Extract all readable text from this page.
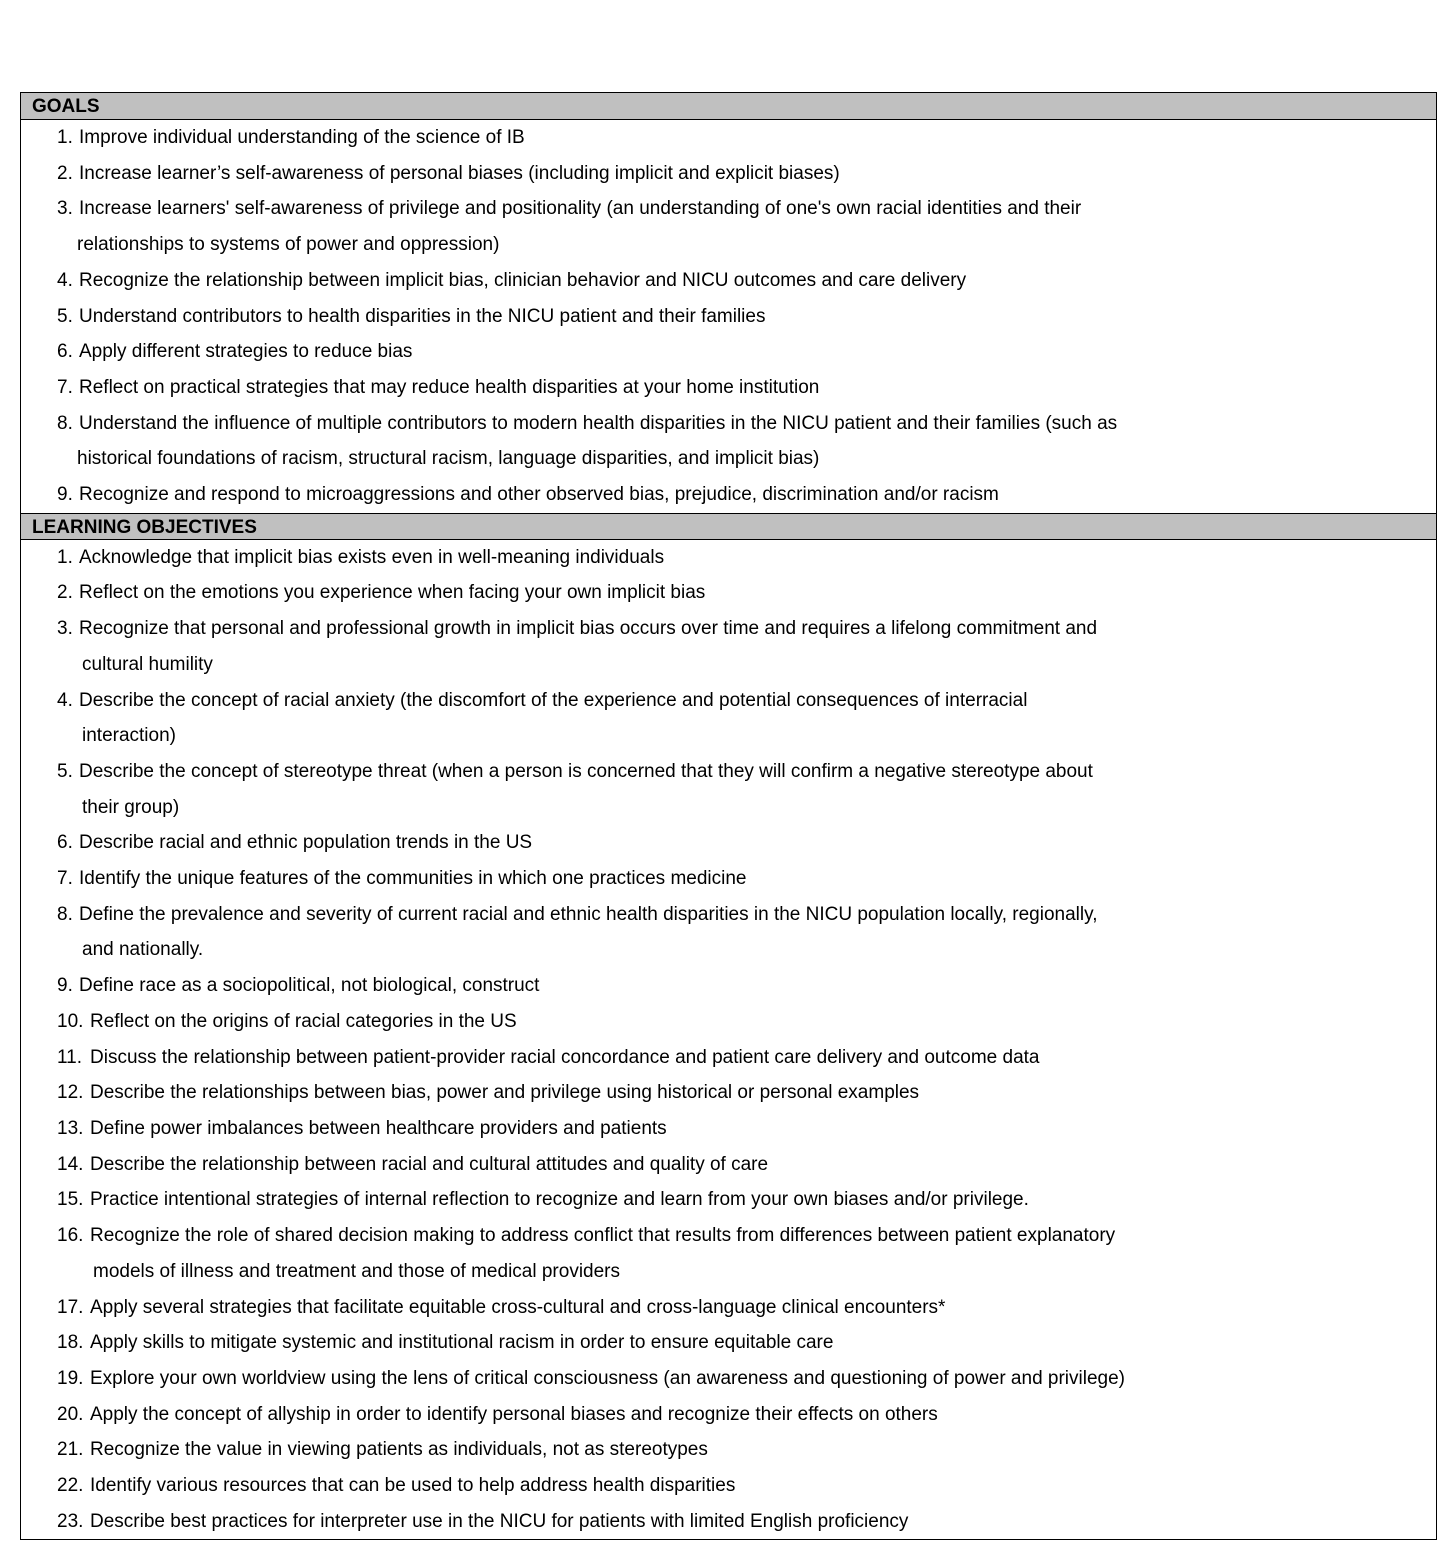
GOALS
1. Improve individual understanding of the science of IB
2. Increase learner’s self-awareness of personal biases (including implicit and explicit biases)
3. Increase learners' self-awareness of privilege and positionality (an understanding of one's own racial identities and their
relationships to systems of power and oppression)
4. Recognize the relationship between implicit bias, clinician behavior and NICU outcomes and care delivery
5. Understand contributors to health disparities in the NICU patient and their families
6. Apply different strategies to reduce bias
7. Reflect on practical strategies that may reduce health disparities at your home institution
8. Understand the influence of multiple contributors to modern health disparities in the NICU patient and their families (such as
historical foundations of racism, structural racism, language disparities, and implicit bias)
9. Recognize and respond to microaggressions and other observed bias, prejudice, discrimination and/or racism
LEARNING OBJECTIVES
1. Acknowledge that implicit bias exists even in well-meaning individuals
2. Reflect on the emotions you experience when facing your own implicit bias
3. Recognize that personal and professional growth in implicit bias occurs over time and requires a lifelong commitment and
cultural humility
4. Describe the concept of racial anxiety (the discomfort of the experience and potential consequences of interracial
interaction)
5. Describe the concept of stereotype threat (when a person is concerned that they will confirm a negative stereotype about
their group)
6. Describe racial and ethnic population trends in the US
7. Identify the unique features of the communities in which one practices medicine
8. Define the prevalence and severity of current racial and ethnic health disparities in the NICU population locally, regionally,
and nationally.
9. Define race as a sociopolitical, not biological, construct
10. Reflect on the origins of racial categories in the US
11. Discuss the relationship between patient-provider racial concordance and patient care delivery and outcome data
12. Describe the relationships between bias, power and privilege using historical or personal examples
13. Define power imbalances between healthcare providers and patients
14. Describe the relationship between racial and cultural attitudes and quality of care
15. Practice intentional strategies of internal reflection to recognize and learn from your own biases and/or privilege.
16. Recognize the role of shared decision making to address conflict that results from differences between patient explanatory
models of illness and treatment and those of medical providers
17. Apply several strategies that facilitate equitable cross-cultural and cross-language clinical encounters*
18. Apply skills to mitigate systemic and institutional racism in order to ensure equitable care
19. Explore your own worldview using the lens of critical consciousness (an awareness and questioning of power and privilege)
20. Apply the concept of allyship in order to identify personal biases and recognize their effects on others
21. Recognize the value in viewing patients as individuals, not as stereotypes
22. Identify various resources that can be used to help address health disparities
23. Describe best practices for interpreter use in the NICU for patients with limited English proficiency
